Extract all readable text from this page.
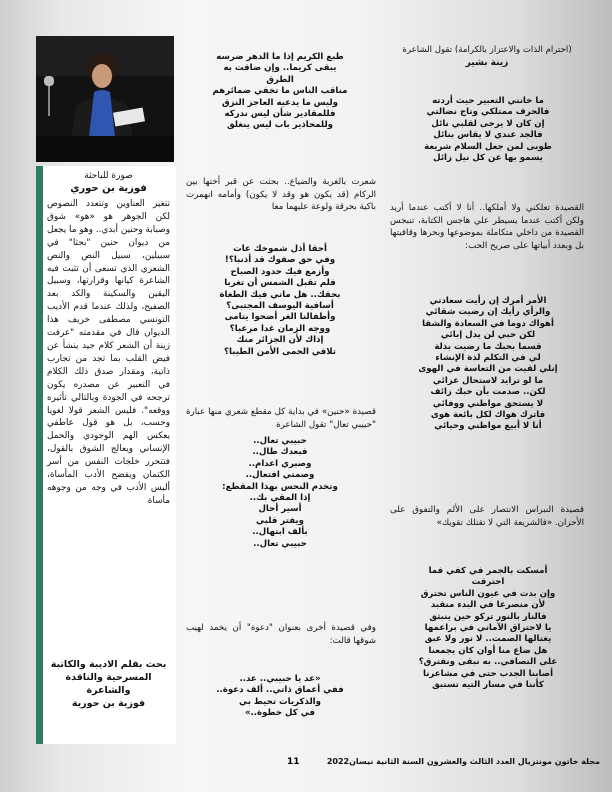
صورة للباحثة
فوزية بن حوري

تتغير العناوين وتتعدد النصوص لكن الجوهر هو «هو» شوق وصبابة وحنين أبدي.. وهو ما يجعل من ديوان حنين "بحثا" في سبيلين، سبيل النص والنص الشعري الذي تسعى أن تثبت فيه الشاعرة كيانها وقرارتها، وسبيل اليقين والسكينة والكد بعد الصفيح، ولذلك عندما قدم الأديب التونسي مصطفى خريف هذا الديوان قال في مقدمته "عرفت زينة أن الشعر كلام جيد ينشأ عن فيض القلب بما تجد من تجارب ذاتية، ومقدار صدق ذلك الكلام في التعبير عن مصدره يكون ترجحه في الجودة وبالتالي تأثيره ووقعه". فليس الشعر قولا لغويا وحسب، بل هو قول عاطفي يعكس الهم الوجودي والحمل الإنساني ويعالج الشوق بالقول، فتتحرر خلجات النفس من أسر الكتمان ويفضح الأدب المأساة، أليس الأدب في وجه من وجوهه مأساة

بحث بقلم الاديبة والكاتبة
المسرحية والناقدة
والشاعرة
فوزية بن حورية
طبع الكريم إذا ما الدهر ضرسه
يبقى كريما.. وإن ضاقت به
الطرق
مناقب الناس ما تخفي ضمائرهم
وليس ما يدعيه العاجز النزق
فللمقادير شأن ليس ندركه
وللمحاذير باب ليس ينغلق

شعرت بالغربة والضياع.. بحثت عن قبر أختها بين الركام (قد يكون هو وقد لا يكون) وأمامه انهمرت باكية بحرقة ولوعة عليهما معا

أحقا أذل شموخك عات
وفي حق صفوك قد أذنبا؟!
وأزمع فيك حدود الصباح
فلم تقبل الشمس أن تغربا
بحقك.. هل ماتي فيك الطغاة
أسافية اليوسف المجتبى؟
وأطفالنا الغر أضحوا يتامى
ووجه الزمان غدا مرعبا؟
إذاك لأن الجزائر منك
تلاقي الحمى الأمن الطيبا؟

قصيدة «حنين» في بداية كل مقطع شعري منها عبارة "حبيبي تعال" تقول الشاعرة

حبيبي تعال..
فبعدك طال..
وصبري اعدام..
وصمتي افتعال..
وتخدم النحس بهذا المقطع:
إذا المقي بك..
أسير أحال
ويفتر قلبي
بألف ابتهال..
حبيبي تعال..

وفي قصيدة أخرى بعنوان "دعوة" أن يخمد لهيب شوقها قالت:

«عد يا حبيبي.. عد..
ففي أعماق ذاتي.. ألف دعوة..
والذكريات تحيط بي
في كل خطوة..»
(احترام الذات والاعتزاز بالكرامة) تقول الشاعرة
زينة بشير
ما خانني التعبير حيث أردته
فالحرف ممتلكي وتاج نضالتي
إن كان لا يرجى لقلبي نائل
فالجد عندي لا يقاس بنائل
طوبى لمن جعل السلام شريعة
يسمو بها عن كل نيل زائل

القصيدة تعلكني ولا أملكها.. أنا لا أكتب عندما أريد ولكن أكتب عندما يسيطر علي هاجس الكتابة، تنبجس القصيدة من داخلي متكاملة بموضوعها وبحرها وقافيتها بل وبعدد أبياتها على صريح الحب:

الأمر أمرك إن رأيت سعادتي
والرأي رأيك إن رضيت شقائي
أهواك دوما في السعادة والشقا
لكن حبي لن يدل إبائي
قسما بحبك ما رضيت بذلة
لي في التكلم لذة الإنشاء
إنلي لقيت من التعاسة في الهوى
ما لو ترايد لاستحال عزائي
لكن.. صدمت بأن حبك زائف
لا يستحق مواطني ووفائي
فاترك هواك لكل بائعة هوى
أنا لا أبيع مواطني وحيائي

قصيدة النبراس الانتصار على الألم والتفوق على الأحزان. «فالشريعة التي لا تقتلك تقويك»

أمسكت بالجمر في كفي فما
احترقت
وإن بدت في عيون الناس تحترق
لأن منصرعا في البدء منقبد
فالنار بالنور تركو حين ينبثق
يا لاحتراق الآماني في براعمها
يغتالها الصمت.. لا نور ولا عبق
هل ضاع منا أوان كان يجمعنا
على التصافي.. به نبقى ونفترق؟
أصابنا الجدب حتى في مشاعرنا
كأننا في مسار التيه تستبق
11	مجلة خاتون مونتريال العدد الثالث والعشرون السنة الثانية نيسان2022
